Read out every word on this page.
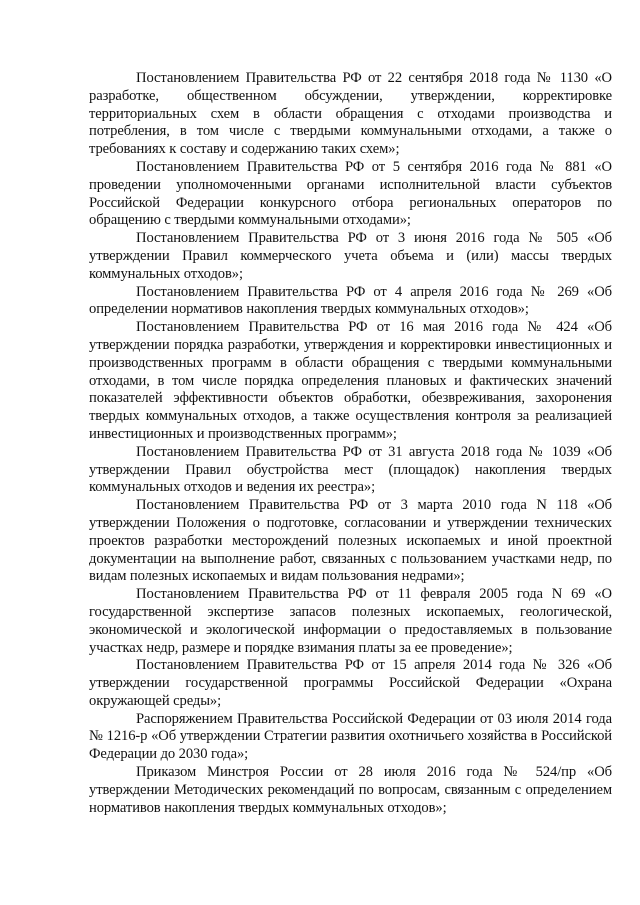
Постановлением Правительства РФ от 22 сентября 2018 года № 1130 «О разработке, общественном обсуждении, утверждении, корректировке территориальных схем в области обращения с отходами производства и потребления, в том числе с твердыми коммунальными отходами, а также о требованиях к составу и содержанию таких схем»;

Постановлением Правительства РФ от 5 сентября 2016 года № 881 «О проведении уполномоченными органами исполнительной власти субъектов Российской Федерации конкурсного отбора региональных операторов по обращению с твердыми коммунальными отходами»;

Постановлением Правительства РФ от 3 июня 2016 года № 505 «Об утверждении Правил коммерческого учета объема и (или) массы твердых коммунальных отходов»;

Постановлением Правительства РФ от 4 апреля 2016 года № 269 «Об определении нормативов накопления твердых коммунальных отходов»;

Постановлением Правительства РФ от 16 мая 2016 года № 424 «Об утверждении порядка разработки, утверждения и корректировки инвестиционных и производственных программ в области обращения с твердыми коммунальными отходами, в том числе порядка определения плановых и фактических значений показателей эффективности объектов обработки, обезвреживания, захоронения твердых коммунальных отходов, а также осуществления контроля за реализацией инвестиционных и производственных программ»;

Постановлением Правительства РФ от 31 августа 2018 года № 1039 «Об утверждении Правил обустройства мест (площадок) накопления твердых коммунальных отходов и ведения их реестра»;

Постановлением Правительства РФ от 3 марта 2010 года N 118 «Об утверждении Положения о подготовке, согласовании и утверждении технических проектов разработки месторождений полезных ископаемых и иной проектной документации на выполнение работ, связанных с пользованием участками недр, по видам полезных ископаемых и видам пользования недрами»;

Постановлением Правительства РФ от 11 февраля 2005 года N 69 «О государственной экспертизе запасов полезных ископаемых, геологической, экономической и экологической информации о предоставляемых в пользование участках недр, размере и порядке взимания платы за ее проведение»;

Постановлением Правительства РФ от 15 апреля 2014 года № 326 «Об утверждении государственной программы Российской Федерации «Охрана окружающей среды»;

Распоряжением Правительства Российской Федерации от 03 июля 2014 года № 1216-р «Об утверждении Стратегии развития охотничьего хозяйства в Российской Федерации до 2030 года»;

Приказом Минстроя России от 28 июля 2016 года № 524/пр «Об утверждении Методических рекомендаций по вопросам, связанным с определением нормативов накопления твердых коммунальных отходов»;
